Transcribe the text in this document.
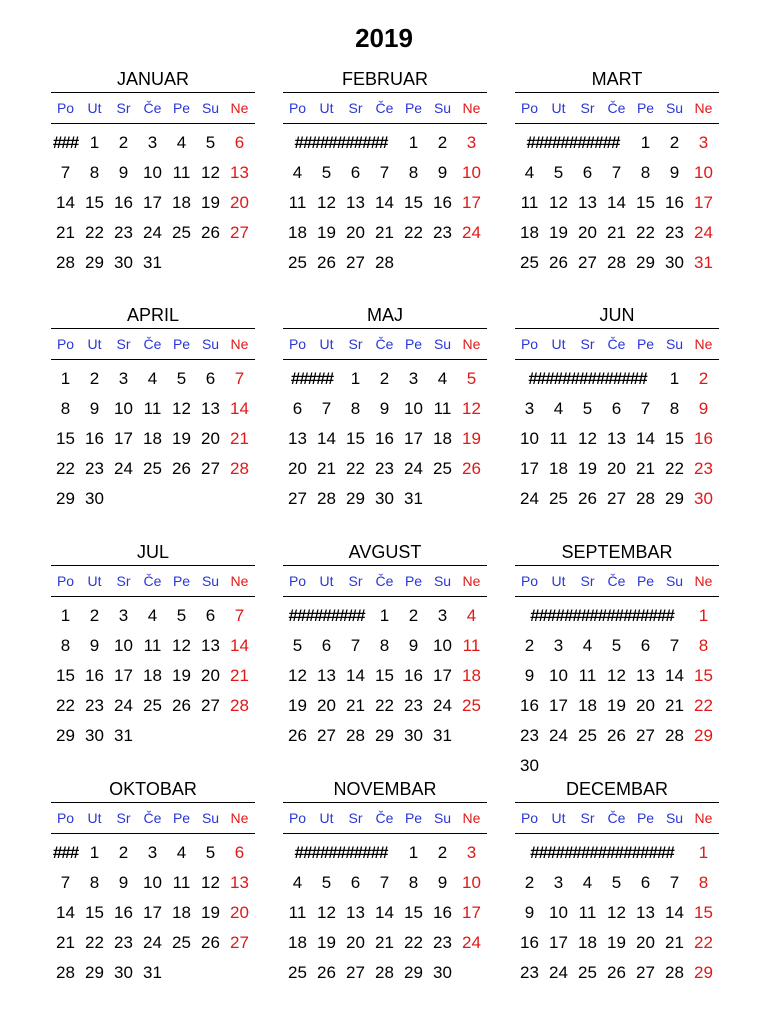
2019
JANUAR
Po Ut	Sr Če Pe Su Ne
### 1	2	3	4	5	6
7	8	9 10 11 12 13
14 15 16 17 18 19 20
21 22 23 24 25 26 27
28 29 30 31
FEBRUAR
Po Ut	Sr Če Pe Su Ne
###########	1	2	3
4	5	6	7	8	9 10
11 12 13 14 15 16 17
18 19 20 21 22 23 24
25 26 27 28
MART
Po Ut	Sr Če Pe Su Ne
###########	1	2	3
4	5	6	7	8	9 10
11 12 13 14 15 16 17
18 19 20 21 22 23 24
25 26 27 28 29 30 31
APRIL
Po Ut	Sr Če Pe Su Ne
1	2	3	4	5	6	7
8	9 10 11 12 13 14
15 16 17 18 19 20 21
22 23 24 25 26 27 28
29 30
MAJ
Po Ut	Sr Če Pe Su Ne
#####	1	2	3	4	5
6	7	8	9 10 11 12
13 14 15 16 17 18 19
20 21 22 23 24 25 26
27 28 29 30 31
JUN
Po Ut	Sr Če Pe Su Ne
##############	1	2
3	4	5	6	7	8	9
10 11 12 13 14 15 16
17 18 19 20 21 22 23
24 25 26 27 28 29 30
JUL
Po Ut	Sr Če Pe Su Ne
1	2	3	4	5	6	7
8	9 10 11 12 13 14
15 16 17 18 19 20 21
22 23 24 25 26 27 28
29 30 31
AVGUST
Po Ut	Sr Če Pe Su Ne
######### 1	2	3	4
5	6	7	8	9 10 11
12 13 14 15 16 17 18
19 20 21 22 23 24 25
26 27 28 29 30 31
SEPTEMBAR
Po Ut	Sr Če Pe Su Ne
#################	1
2	3	4	5	6	7	8
9 10 11 12 13 14 15
16 17 18 19 20 21 22
23 24 25 26 27 28 29
30
OKTOBAR
Po Ut	Sr Če Pe Su Ne
### 1	2	3	4	5	6
7	8	9 10 11 12 13
14 15 16 17 18 19 20
21 22 23 24 25 26 27
28 29 30 31
NOVEMBAR
Po Ut	Sr Če Pe Su Ne
###########	1	2	3
4	5	6	7	8	9 10
11 12 13 14 15 16 17
18 19 20 21 22 23 24
25 26 27 28 29 30
DECEMBAR
Po Ut	Sr Če Pe Su Ne
#################	1
2	3	4	5	6	7	8
9 10 11 12 13 14 15
16 17 18 19 20 21 22
23 24 25 26 27 28 29
